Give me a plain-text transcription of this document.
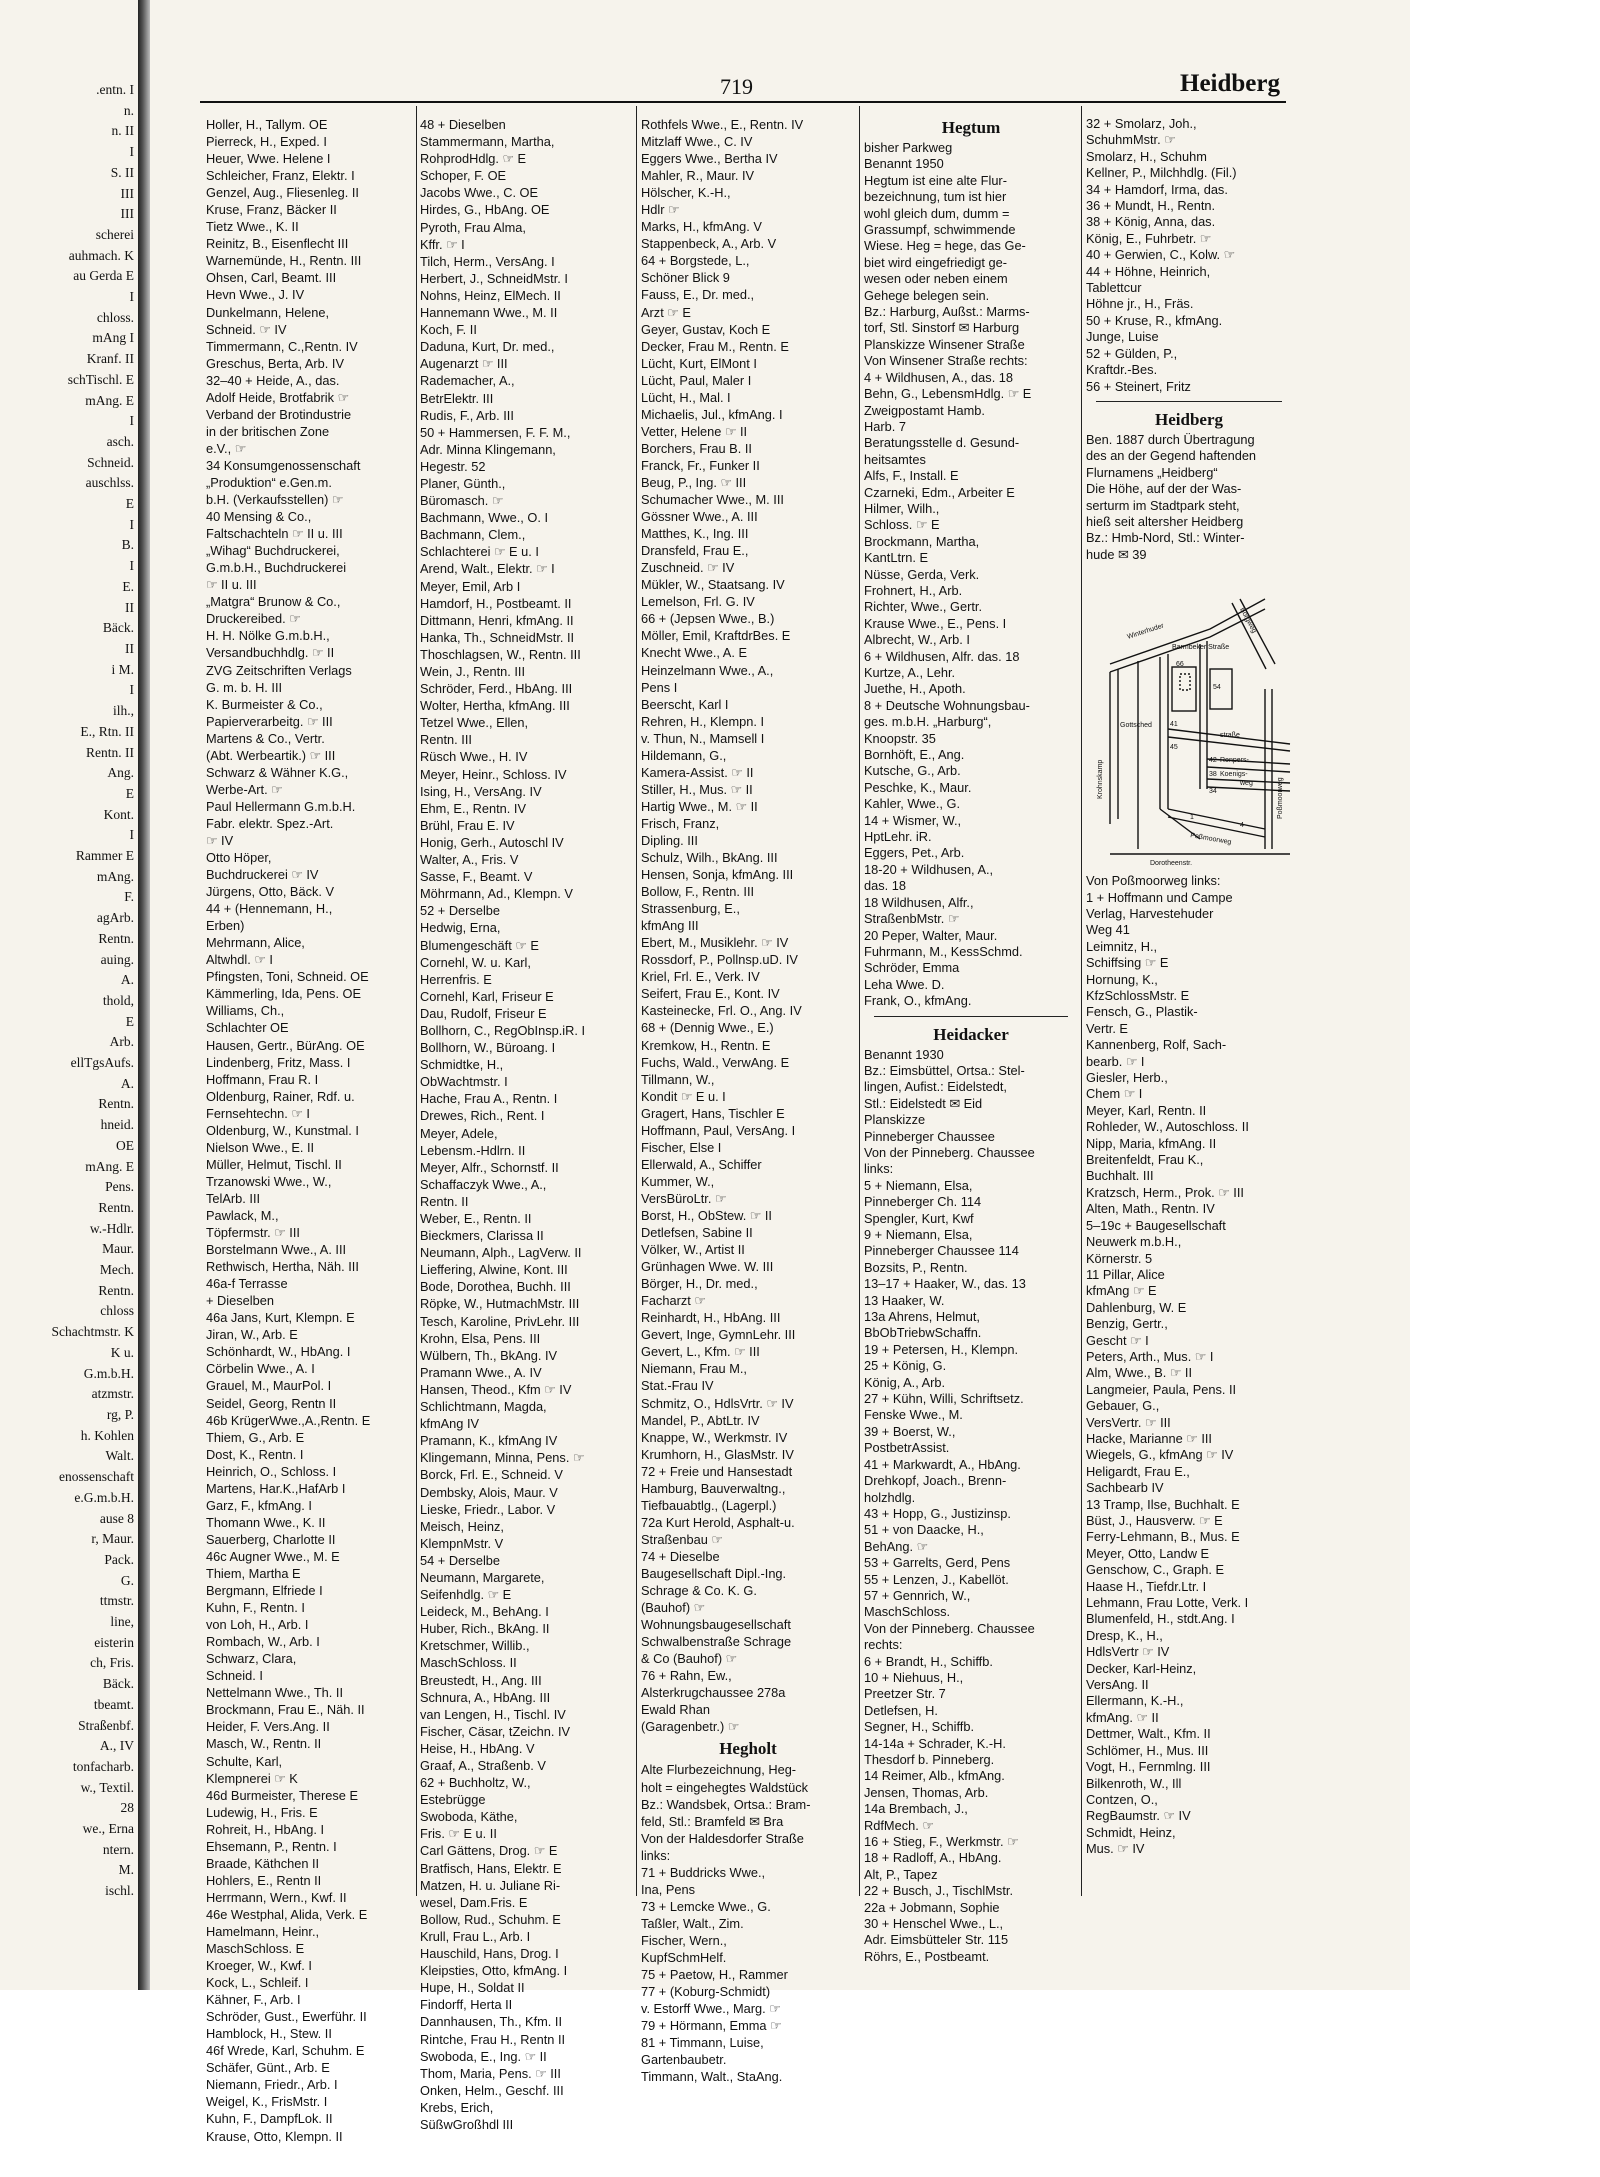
.entn. I
n.
n. II
I
S. II
III
III
scherei
auhmach. K
au Gerda E
I
chloss.
mAng I
Kranf. II
schTischl. E
mAng. E
I
asch.
Schneid.
auschlss.
E
I
B.
I
E.
II
Bäck.
II
i M.
I
ilh.,
E., Rtn. II
Rentn. II
Ang.
E
Kont.
I
Rammer E
mAng.
F.
agArb.
Rentn.
auing.
A.
thold,
E
Arb.
ellTgsAufs.
A.
Rentn.
hneid.
OE
mAng. E
Pens.
Rentn.
w.-Hdlr.
Maur.
Mech.
Rentn.
chloss
Schachtmstr. K
K u.
G.m.b.H.
atzmstr.
rg, P.
h. Kohlen
Walt.
enossenschaft
e.G.m.b.H.
ause 8
r, Maur.
Pack.
G.
ttmstr.
line,
eisterin
ch, Fris.
Bäck.
tbeamt.
Straßenbf.
A., IV
tonfacharb.
w., Textil.
28
we., Erna
ntern.
M.
ischl.
719	Heidberg
Holler, H., Tallym. OE
Pierreck, H., Exped. I
Heuer, Wwe. Helene I
Schleicher, Franz, Elektr. I
Genzel, Aug., Fliesenleg. II
Kruse, Franz, Bäcker II
Tietz Wwe., K. II
Reinitz, B., Eisenflecht III
Warnemünde, H., Rentn. III
Ohsen, Carl, Beamt. III
Hevn Wwe., J. IV
Dunkelmann, Helene,
Schneid. ☞ IV
Timmermann, C.,Rentn. IV
Greschus, Berta, Arb. IV
32–40 + Heide, A., das.
Adolf Heide, Brotfabrik ☞
Verband der Brotindustrie
in der britischen Zone
e.V., ☞
34 Konsumgenossenschaft
„Produktion“ e.Gen.m.
b.H. (Verkaufsstellen) ☞
40 Mensing & Co.,
Faltschachteln ☞ II u. III
„Wihag“ Buchdruckerei,
G.m.b.H., Buchdruckerei
☞ II u. III
„Matgra“ Brunow & Co.,
Druckereibed. ☞
H. H. Nölke G.m.b.H.,
Versandbuchhdlg. ☞ II
ZVG Zeitschriften Verlags
G. m. b. H. III
K. Burmeister & Co.,
Papierverarbeitg. ☞ III
Martens & Co., Vertr.
(Abt. Werbeartik.) ☞ III
Schwarz & Wähner K.G.,
Werbe-Art. ☞
Paul Hellermann G.m.b.H.
Fabr. elektr. Spez.-Art.
☞ IV
Otto Höper,
Buchdruckerei ☞ IV
Jürgens, Otto, Bäck. V
44 + (Hennemann, H.,
Erben)
Mehrmann, Alice,
Altwhdl. ☞ I
Pfingsten, Toni, Schneid. OE
Kämmerling, Ida, Pens. OE
Williams, Ch.,
Schlachter OE
Hausen, Gertr., BürAng. OE
Lindenberg, Fritz, Mass. I
Hoffmann, Frau R. I
Oldenburg, Rainer, Rdf. u.
Fernsehtechn. ☞ I
Oldenburg, W., Kunstmal. I
Nielson Wwe., E. II
Müller, Helmut, Tischl. II
Trzanowski Wwe., W.,
TelArb. III
Pawlack, M.,
Töpfermstr. ☞ III
Borstelmann Wwe., A. III
Rethwisch, Hertha, Näh. III
46a-f Terrasse
+ Dieselben
46a Jans, Kurt, Klempn. E
Jiran, W., Arb. E
Schönhardt, W., HbAng. I
Cörbelin Wwe., A. I
Grauel, M., MaurPol. I
Seidel, Georg, Rentn II
46b KrügerWwe.,A.,Rentn. E
Thiem, G., Arb. E
Dost, K., Rentn. I
Heinrich, O., Schloss. I
Martens, Har.K.,HafArb I
Garz, F., kfmAng. I
Thomann Wwe., K. II
Sauerberg, Charlotte II
46c Augner Wwe., M. E
Thiem, Martha E
Bergmann, Elfriede I
Kuhn, F., Rentn. I
von Loh, H., Arb. I
Rombach, W., Arb. I
Schwarz, Clara,
Schneid. I
Nettelmann Wwe., Th. II
Brockmann, Frau E., Näh. II
Heider, F. Vers.Ang. II
Masch, W., Rentn. II
Schulte, Karl,
Klempnerei ☞ K
46d Burmeister, Therese E
Ludewig, H., Fris. E
Rohreit, H., HbAng. I
Ehsemann, P., Rentn. I
Braade, Käthchen II
Hohlers, E., Rentn II
Herrmann, Wern., Kwf. II
46e Westphal, Alida, Verk. E
Hamelmann, Heinr.,
MaschSchloss. E
Kroeger, W., Kwf. I
Kock, L., Schleif. I
Kähner, F., Arb. I
Schröder, Gust., Ewerführ. II
Hamblock, H., Stew. II
46f Wrede, Karl, Schuhm. E
Schäfer, Günt., Arb. E
Niemann, Friedr., Arb. I
Weigel, K., FrisMstr. I
Kuhn, F., DampfLok. II
Krause, Otto, Klempn. II
48 + Dieselben
Stammermann, Martha,
RohprodHdlg. ☞ E
Schoper, F. OE
Jacobs Wwe., C. OE
Hirdes, G., HbAng. OE
Pyroth, Frau Alma,
Kffr. ☞ I
Tilch, Herm., VersAng. I
Herbert, J., SchneidMstr. I
Nohns, Heinz, ElMech. II
Hannemann Wwe., M. II
Koch, F. II
Daduna, Kurt, Dr. med.,
Augenarzt ☞ III
Rademacher, A.,
BetrElektr. III
Rudis, F., Arb. III
50 + Hammersen, F. F. M.,
Adr. Minna Klingemann,
Hegestr. 52
Planer, Günth.,
Büromasch. ☞
Bachmann, Wwe., O. I
Bachmann, Clem.,
Schlachterei ☞ E u. I
Arend, Walt., Elektr. ☞ I
Meyer, Emil, Arb I
Hamdorf, H., Postbeamt. II
Dittmann, Henri, kfmAng. II
Hanka, Th., SchneidMstr. II
Thoschlagsen, W., Rentn. III
Wein, J., Rentn. III
Schröder, Ferd., HbAng. III
Wolter, Hertha, kfmAng. III
Tetzel Wwe., Ellen,
Rentn. III
Rüsch Wwe., H. IV
Meyer, Heinr., Schloss. IV
Ising, H., VersAng. IV
Ehm, E., Rentn. IV
Brühl, Frau E. IV
Honig, Gerh., Autoschl IV
Walter, A., Fris. V
Sasse, F., Beamt. V
Möhrmann, Ad., Klempn. V
52 + Derselbe
Hedwig, Erna,
Blumengeschäft ☞ E
Cornehl, W. u. Karl,
Herrenfris. E
Cornehl, Karl, Friseur E
Dau, Rudolf, Friseur E
Bollhorn, C., RegObInsp.iR. I
Bollhorn, W., Büroang. I
Schmidtke, H.,
ObWachtmstr. I
Hache, Frau A., Rentn. I
Drewes, Rich., Rent. I
Meyer, Adele,
Lebensm.-Hdlrn. II
Meyer, Alfr., Schornstf. II
Schaffaczyk Wwe., A.,
Rentn. II
Weber, E., Rentn. II
Bieckmers, Clarissa II
Neumann, Alph., LagVerw. II
Lieffering, Alwine, Kont. III
Bode, Dorothea, Buchh. III
Röpke, W., HutmachMstr. III
Tesch, Karoline, PrivLehr. III
Krohn, Elsa, Pens. III
Wülbern, Th., BkAng. IV
Pramann Wwe., A. IV
Hansen, Theod., Kfm ☞ IV
Schlichtmann, Magda,
kfmAng IV
Pramann, K., kfmAng IV
Klingemann, Minna, Pens. ☞
Borck, Frl. E., Schneid. V
Dembsky, Alois, Maur. V
Lieske, Friedr., Labor. V
Meisch, Heinz,
KlempnMstr. V
54 + Derselbe
Neumann, Margarete,
Seifenhdlg. ☞ E
Leideck, M., BehAng. I
Huber, Rich., BkAng. II
Kretschmer, Willib.,
MaschSchloss. II
Breustedt, H., Ang. III
Schnura, A., HbAng. III
van Lengen, H., Tischl. IV
Fischer, Cäsar, tZeichn. IV
Heise, H., HbAng. V
Graaf, A., Straßenb. V
62 + Buchholtz, W.,
Estebrügge
Swoboda, Käthe,
Fris. ☞ E u. II
Carl Gättens, Drog. ☞ E
Bratfisch, Hans, Elektr. E
Matzen, H. u. Juliane Ri-
wesel, Dam.Fris. E
Bollow, Rud., Schuhm. E
Krull, Frau L., Arb. I
Hauschild, Hans, Drog. I
Kleipsties, Otto, kfmAng. I
Hupe, H., Soldat II
Findorff, Herta II
Dannhausen, Th., Kfm. II
Rintche, Frau H., Rentn II
Swoboda, E., Ing. ☞ II
Thom, Maria, Pens. ☞ III
Onken, Helm., Geschf. III
Krebs, Erich,
SüßwGroßhdl III
Rothfels Wwe., E., Rentn. IV
Mitzlaff Wwe., C. IV
Eggers Wwe., Bertha IV
Mahler, R., Maur. IV
Hölscher, K.-H.,
Hdlr ☞
Marks, H., kfmAng. V
Stappenbeck, A., Arb. V
64 + Borgstede, L.,
Schöner Blick 9
Fauss, E., Dr. med.,
Arzt ☞ E
Geyer, Gustav, Koch E
Decker, Frau M., Rentn. E
Lücht, Kurt, ElMont I
Lücht, Paul, Maler I
Lücht, H., Mal. I
Michaelis, Jul., kfmAng. I
Vetter, Helene ☞ II
Borchers, Frau B. II
Franck, Fr., Funker II
Beug, P., Ing. ☞ III
Schumacher Wwe., M. III
Gössner Wwe., A. III
Matthes, K., Ing. III
Dransfeld, Frau E.,
Zuschneid. ☞ IV
Mükler, W., Staatsang. IV
Lemelson, Frl. G. IV
66 + (Jepsen Wwe., B.)
Möller, Emil, KraftdrBes. E
Knecht Wwe., A. E
Heinzelmann Wwe., A.,
Pens I
Beerscht, Karl I
Rehren, H., Klempn. I
v. Thun, N., Mamsell I
Hildemann, G.,
Kamera-Assist. ☞ II
Stiller, H., Mus. ☞ II
Hartig Wwe., M. ☞ II
Frisch, Franz,
Dipling. III
Schulz, Wilh., BkAng. III
Hensen, Sonja, kfmAng. III
Bollow, F., Rentn. III
Strassenburg, E.,
kfmAng III
Ebert, M., Musiklehr. ☞ IV
Rossdorf, P., Pollnsp.uD. IV
Kriel, Frl. E., Verk. IV
Seifert, Frau E., Kont. IV
Kasteinecke, Frl. O., Ang. IV
68 + (Dennig Wwe., E.)
Kremkow, H., Rentn. E
Fuchs, Wald., VerwAng. E
Tillmann, W.,
Kondit ☞ E u. I
Gragert, Hans, Tischler E
Hoffmann, Paul, VersAng. I
Fischer, Else I
Ellerwald, A., Schiffer
Kummer, W.,
VersBüroLtr. ☞
Borst, H., ObStew. ☞ II
Detlefsen, Sabine II
Völker, W., Artist II
Grünhagen Wwe. W. III
Börger, H., Dr. med.,
Facharzt ☞
Reinhardt, H., HbAng. III
Gevert, Inge, GymnLehr. III
Gevert, L., Kfm. ☞ III
Niemann, Frau M.,
Stat.-Frau IV
Schmitz, O., HdlsVrtr. ☞ IV
Mandel, P., AbtLtr. IV
Knappe, W., Werkmstr. IV
Krumhorn, H., GlasMstr. IV
72 + Freie und Hansestadt
Hamburg, Bauverwaltng.,
Tiefbauabtlg., (Lagerpl.)
72a Kurt Herold, Asphalt-u.
Straßenbau ☞
74 + Dieselbe
Baugesellschaft Dipl.-Ing.
Schrage & Co. K. G.
(Bauhof) ☞
Wohnungsbaugesellschaft
Schwalbenstraße Schrage
& Co (Bauhof) ☞
76 + Rahn, Ew.,
Alsterkrugchaussee 278a
Ewald Rhan
(Garagenbetr.) ☞
Hegholt
Alte Flurbezeichnung, Heg-
holt = eingehegtes Waldstück
Bz.: Wandsbek, Ortsa.: Bram-
feld, Stl.: Bramfeld ✉ Bra
Von der Haldesdorfer Straße
links:
71 + Buddricks Wwe.,
Ina, Pens
73 + Lemcke Wwe., G.
Taßler, Walt., Zim.
Fischer, Wern.,
KupfSchmHelf.
75 + Paetow, H., Rammer
77 + (Koburg-Schmidt)
v. Estorff Wwe., Marg. ☞
79 + Hörmann, Emma ☞
81 + Timmann, Luise,
Gartenbaubetr.
Timmann, Walt., StaAng.
Hegtum
bisher Parkweg
Benannt 1950
Hegtum ist eine alte Flur-
bezeichnung, tum ist hier
wohl gleich dum, dumm =
Grassumpf, schwimmende
Wiese. Heg = hege, das Ge-
biet wird eingefriedigt ge-
wesen oder neben einem
Gehege belegen sein.
Bz.: Harburg, Außst.: Marms-
torf, Stl. Sinstorf ✉ Harburg
Planskizze Winsener Straße
Von Winsener Straße rechts:
4 + Wildhusen, A., das. 18
Behn, G., LebensmHdlg. ☞ E
Zweigpostamt Hamb.
Harb. 7
Beratungsstelle d. Gesund-
heitsamtes
Alfs, F., Install. E
Czarneki, Edm., Arbeiter E
Hilmer, Wilh.,
Schloss. ☞ E
Brockmann, Martha,
KantLtrn. E
Nüsse, Gerda, Verk.
Frohnert, H., Arb.
Richter, Wwe., Gertr.
Krause Wwe., E., Pens. I
Albrecht, W., Arb. I
6 + Wildhusen, Alfr. das. 18
Kurtze, A., Lehr.
Juethe, H., Apoth.
8 + Deutsche Wohnungsbau-
ges. m.b.H. „Harburg“,
Knoopstr. 35
Bornhöft, E., Ang.
Kutsche, G., Arb.
Peschke, K., Maur.
Kahler, Wwe., G.
14 + Wismer, W.,
HptLehr. iR.
Eggers, Pet., Arb.
18-20 + Wildhusen, A.,
das. 18
18 Wildhusen, Alfr.,
StraßenbMstr. ☞
20 Peper, Walter, Maur.
Fuhrmann, M., KessSchmd.
Schröder, Emma
Leha Wwe. D.
Frank, O., kfmAng.
Heidacker
Benannt 1930
Bz.: Eimsbüttel, Ortsa.: Stel-
lingen, Aufist.: Eidelstedt,
Stl.: Eidelstedt ✉ Eid
Planskizze
Pinneberger Chaussee
Von der Pinneberg. Chaussee
links:
5 + Niemann, Elsa,
Pinneberger Ch. 114
Spengler, Kurt, Kwf
9 + Niemann, Elsa,
Pinneberger Chaussee 114
Bozsits, P., Rentn.
13–17 + Haaker, W., das. 13
13 Haaker, W.
13a Ahrens, Helmut,
BbObTriebwSchaffn.
19 + Petersen, H., Klempn.
25 + König, G.
König, A., Arb.
27 + Kühn, Willi, Schriftsetz.
Fenske Wwe., M.
39 + Boerst, W.,
PostbetrAssist.
41 + Markwardt, A., HbAng.
Drehkopf, Joach., Brenn-
holzhdlg.
43 + Hopp, G., Justizinsp.
51 + von Daacke, H.,
BehAng. ☞
53 + Garrelts, Gerd, Pens
55 + Lenzen, J., Kabellöt.
57 + Gennrich, W.,
MaschSchloss.
Von der Pinneberg. Chaussee
rechts:
6 + Brandt, H., Schiffb.
10 + Niehuus, H.,
Preetzer Str. 7
Detlefsen, H.
Segner, H., Schiffb.
14-14a + Schrader, K.-H.
Thesdorf b. Pinneberg.
14 Reimer, Alb., kfmAng.
Jensen, Thomas, Arb.
14a Brembach, J.,
RdfMech. ☞
16 + Stieg, F., Werkmstr. ☞
18 + Radloff, A., HbAng.
Alt, P., Tapez
22 + Busch, J., TischlMstr.
22a + Jobmann, Sophie
30 + Henschel Wwe., L.,
Adr. Eimsbütteler Str. 115
Röhrs, E., Postbeamt.
32 + Smolarz, Joh.,
SchuhmMstr. ☞
Smolarz, H., Schuhm
Kellner, P., Milchhdlg. (Fil.)
34 + Hamdorf, Irma, das.
36 + Mundt, H., Rentn.
38 + König, Anna, das.
König, E., Fuhrbetr. ☞
40 + Gerwien, C., Kolw. ☞
44 + Höhne, Heinrich,
Tablettcur
Höhne jr., H., Fräs.
50 + Kruse, R., kfmAng.
Junge, Luise
52 + Gülden, P.,
Kraftdr.-Bes.
56 + Steinert, Fritz
Heidberg
Ben. 1887 durch Übertragung
des an der Gegend haftenden
Flurnamens „Heidberg“
Die Höhe, auf der der Was-
serturm im Stadtpark steht,
hieß seit altersher Heidberg
Bz.: Hmb-Nord, Stl.: Winter-
hude ✉ 39
Winterhuder	Borgweg
Barmbeker Straße
66
54
Gottsched	41
45
straße
42 Ronpers-
38 Koenigs-
weg
34
Krohnskamp	Poßmoorweg
1
4
Poßmoorweg
Dorotheenstr.
Von Poßmoorweg links:
1 + Hoffmann und Campe
Verlag, Harvestehuder
Weg 41
Leimnitz, H.,
Schiffsing ☞ E
Hornung, K.,
KfzSchlossMstr. E
Fensch, G., Plastik-
Vertr. E
Kannenberg, Rolf, Sach-
bearb. ☞ I
Giesler, Herb.,
Chem ☞ I
Meyer, Karl, Rentn. II
Rohleder, W., Autoschloss. II
Nipp, Maria, kfmAng. II
Breitenfeldt, Frau K.,
Buchhalt. III
Kratzsch, Herm., Prok. ☞ III
Alten, Math., Rentn. IV
5–19c + Baugesellschaft
Neuwerk m.b.H.,
Körnerstr. 5
11 Pillar, Alice
kfmAng ☞ E
Dahlenburg, W. E
Benzig, Gertr.,
Gescht ☞ I
Peters, Arth., Mus. ☞ I
Alm, Wwe., B. ☞ II
Langmeier, Paula, Pens. II
Gebauer, G.,
VersVertr. ☞ III
Hacke, Marianne ☞ III
Wiegels, G., kfmAng ☞ IV
Heligardt, Frau E.,
Sachbearb IV
13 Tramp, Ilse, Buchhalt. E
Büst, J., Hausverw. ☞ E
Ferry-Lehmann, B., Mus. E
Meyer, Otto, Landw E
Genschow, C., Graph. E
Haase H., Tiefdr.Ltr. I
Lehmann, Frau Lotte, Verk. I
Blumenfeld, H., stdt.Ang. I
Dresp, K., H.,
HdlsVertr ☞ IV
Decker, Karl-Heinz,
VersAng. II
Ellermann, K.-H.,
kfmAng. ☞ II
Dettmer, Walt., Kfm. II
Schlömer, H., Mus. III
Vogt, H., Fernmlng. III
Bilkenroth, W., Ill
Contzen, O.,
RegBaumstr. ☞ IV
Schmidt, Heinz,
Mus. ☞ IV
